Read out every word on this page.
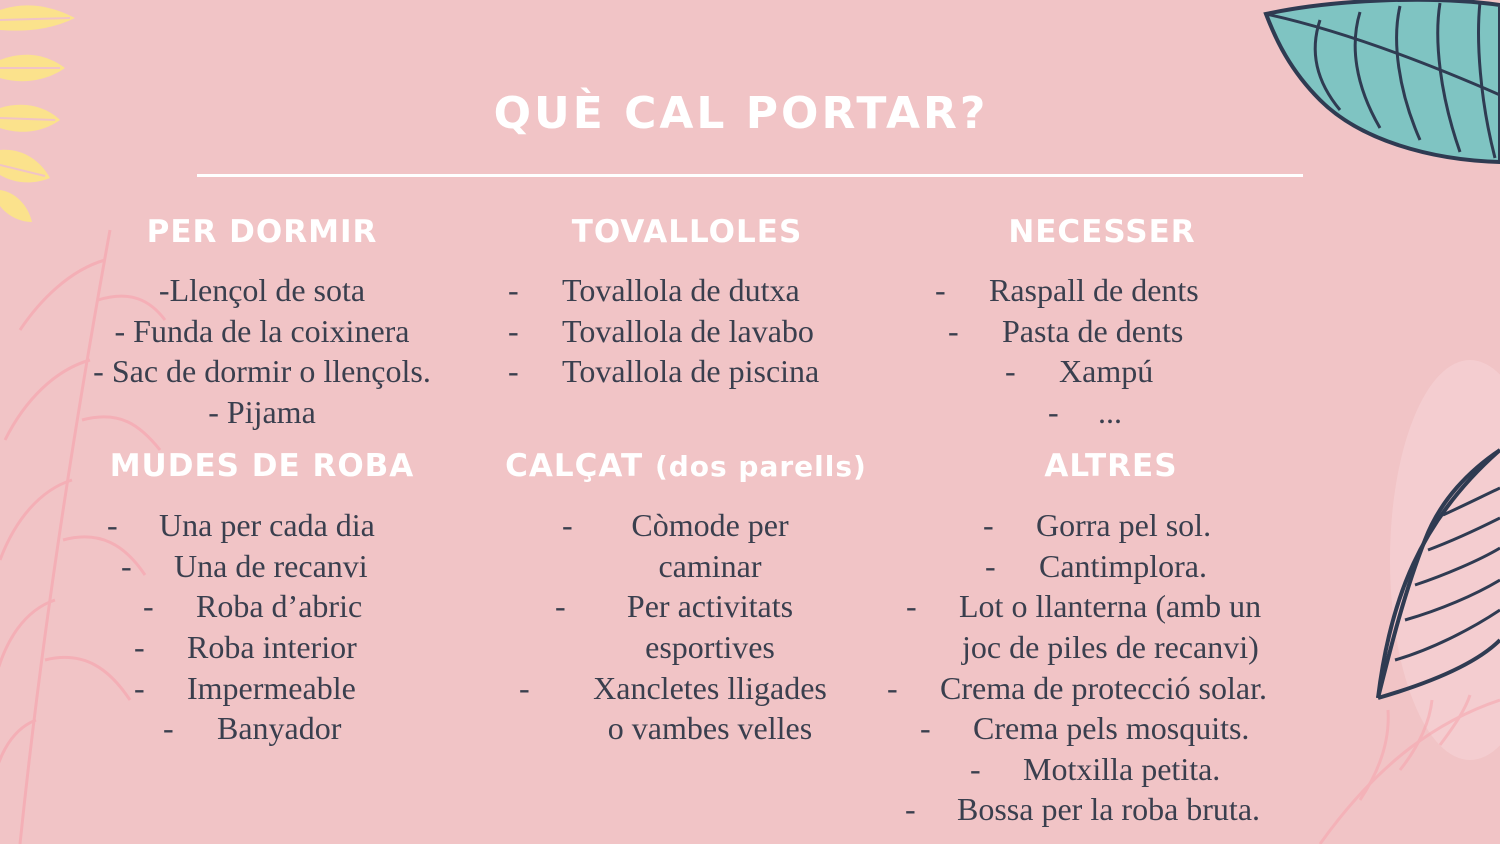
QUÈ CAL PORTAR?
PER DORMIR
-Llençol de sota
- Funda de la coixinera
- Sac de dormir o llençols.
- Pijama
TOVALLOLES
- Tovallola de dutxa
- Tovallola de lavabo
- Tovallola de piscina
NECESSER
- Raspall de dents
- Pasta de dents
- Xampú
- ...
MUDES DE ROBA
- Una per cada dia
- Una de recanvi
- Roba d’abric
- Roba interior
- Impermeable
- Banyador
CALÇAT (dos parells)
-	Còmode per
caminar
-	Per activitats
esportives
-	Xancletes lligades
o vambes velles
ALTRES
- Gorra pel sol.
- Cantimplora.
- Lot o llanterna (amb un
joc de piles de recanvi)
- Crema de protecció solar.
- Crema pels mosquits.
- Motxilla petita.
- Bossa per la roba bruta.
